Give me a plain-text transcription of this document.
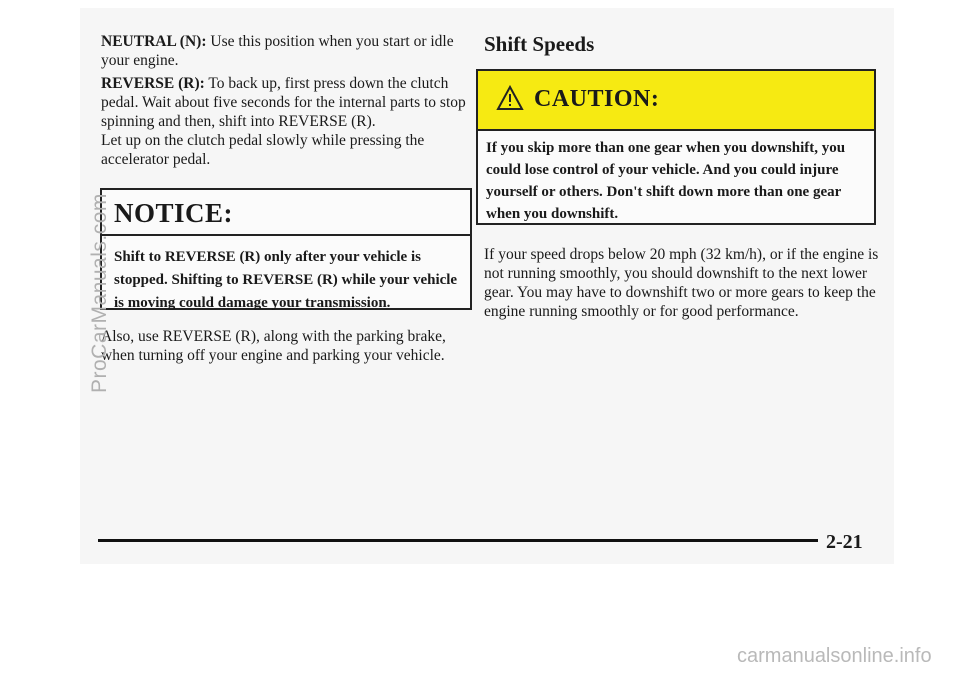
NEUTRAL (N): Use this position when you start or idle your engine.

REVERSE (R): To back up, first press down the clutch pedal. Wait about five seconds for the internal parts to stop spinning and then, shift into REVERSE (R).

Let up on the clutch pedal slowly while pressing the accelerator pedal.

NOTICE:
Shift to REVERSE (R) only after your vehicle is stopped. Shifting to REVERSE (R) while your vehicle is moving could damage your transmission.

Also, use REVERSE (R), along with the parking brake, when turning off your engine and parking your vehicle.

Shift Speeds
CAUTION:
If you skip more than one gear when you downshift, you could lose control of your vehicle. And you could injure yourself or others. Don't shift down more than one gear when you downshift.

If your speed drops below 20 mph (32 km/h), or if the engine is not running smoothly, you should downshift to the next lower gear. You may have to downshift two or more gears to keep the engine running smoothly or for good performance.

2-21
ProCarManuals.com
carmanualsonline.info
